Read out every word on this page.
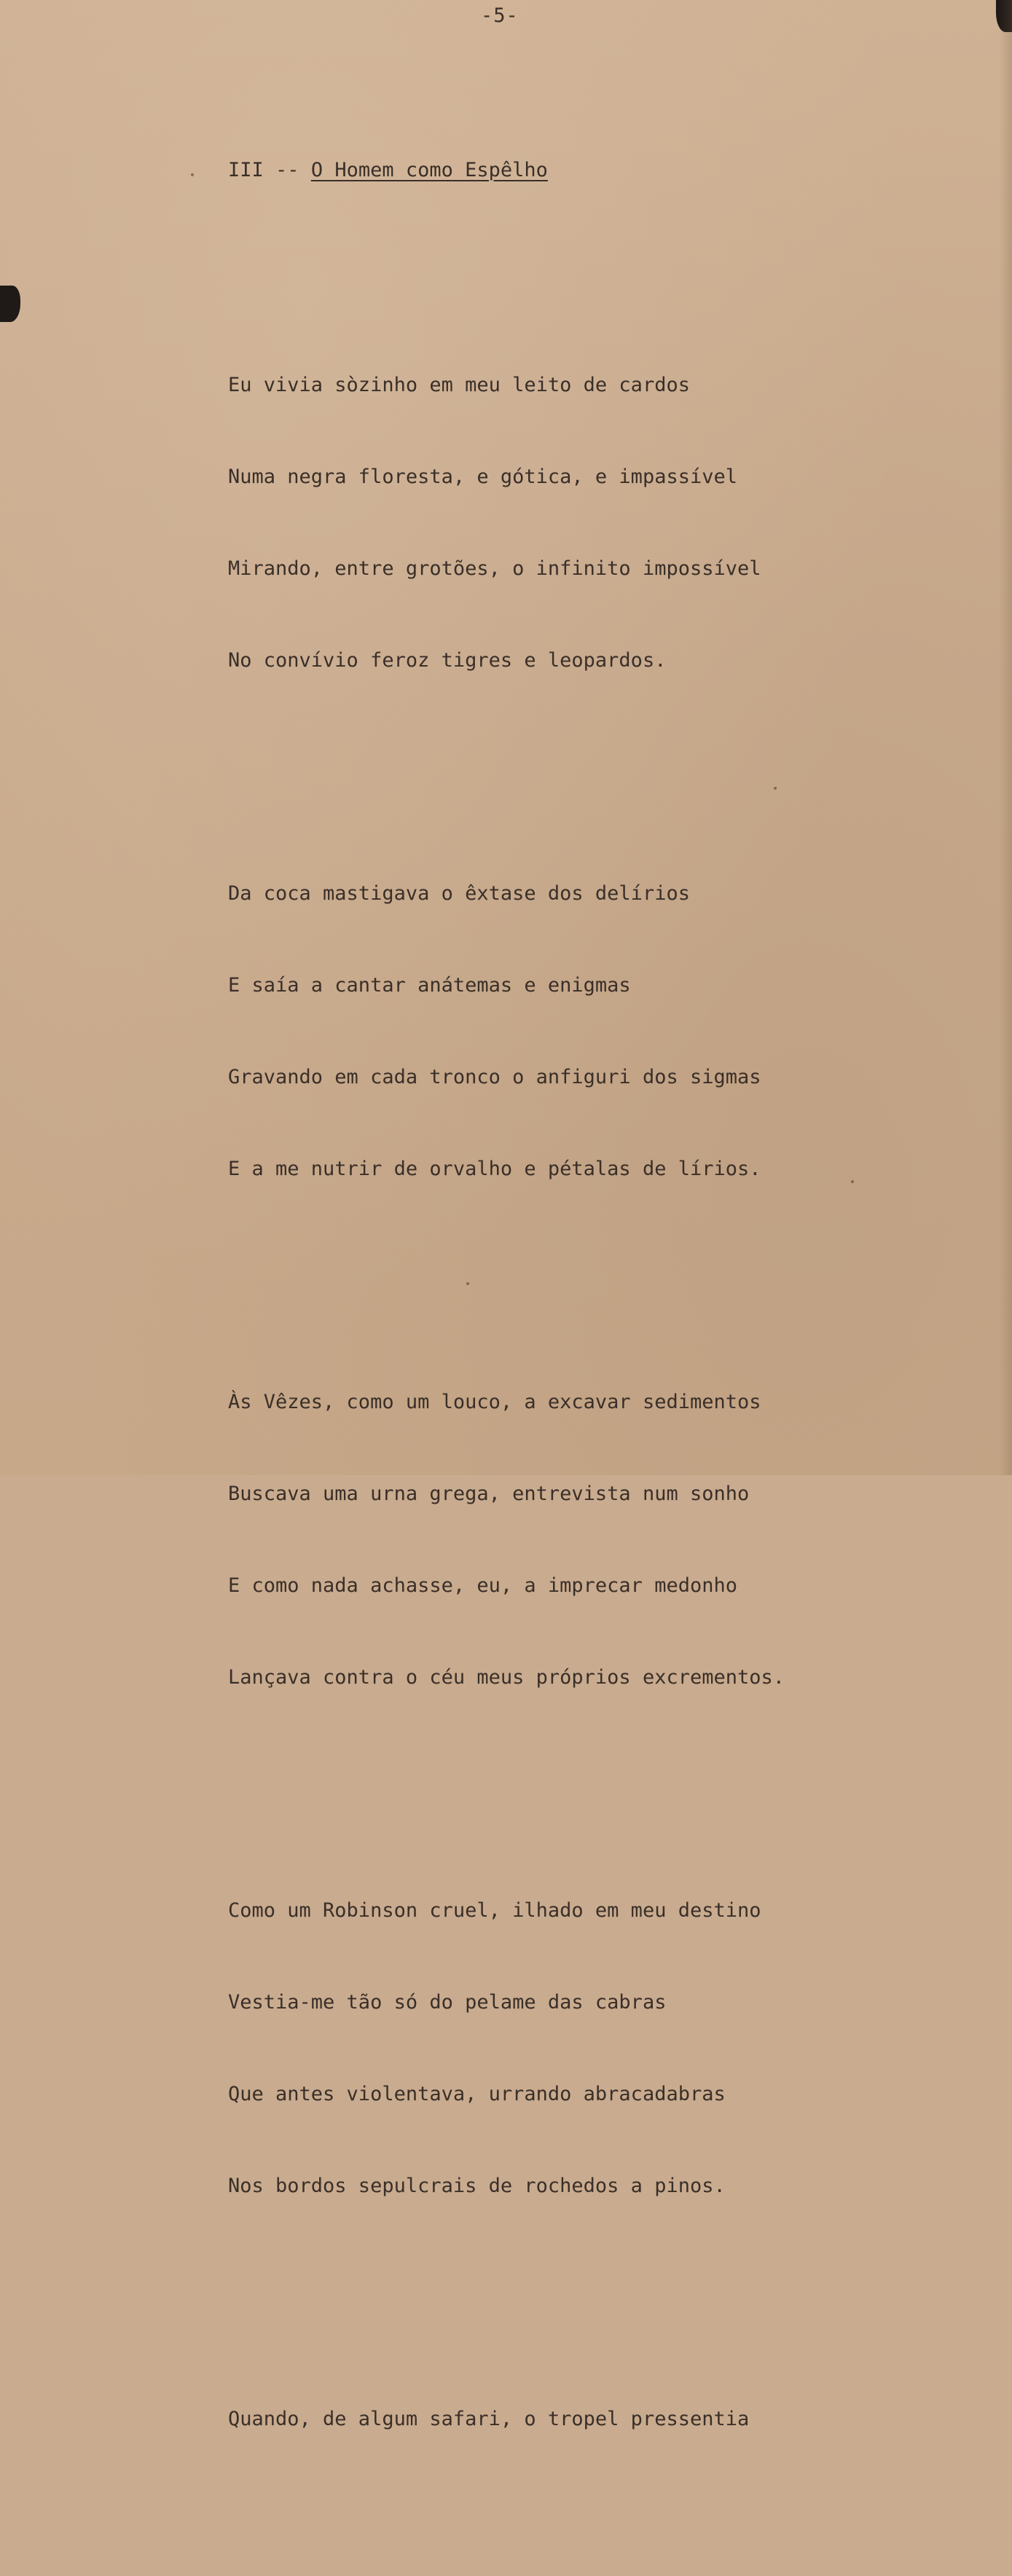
-5-
III -- O Homem como Espêlho

Eu vivia sòzinho em meu leito de cardos

Numa negra floresta, e gótica, e impassível

Mirando, entre grotões, o infinito impossível

No convívio feroz tigres e leopardos.

Da coca mastigava o êxtase dos delírios

E saía a cantar anátemas e enigmas

Gravando em cada tronco o anfiguri dos sigmas

E a me nutrir de orvalho e pétalas de lírios.

Às Vêzes, como um louco, a excavar sedimentos

Buscava uma urna grega, entrevista num sonho

E como nada achasse, eu, a imprecar medonho

Lançava contra o céu meus próprios excrementos.

Como um Robinson cruel, ilhado em meu destino

Vestia-me tão só do pelame das cabras

Que antes violentava, urrando abracadabras

Nos bordos sepulcrais de rochedos a pinos.

Quando, de algum safari, o tropel pressentia
